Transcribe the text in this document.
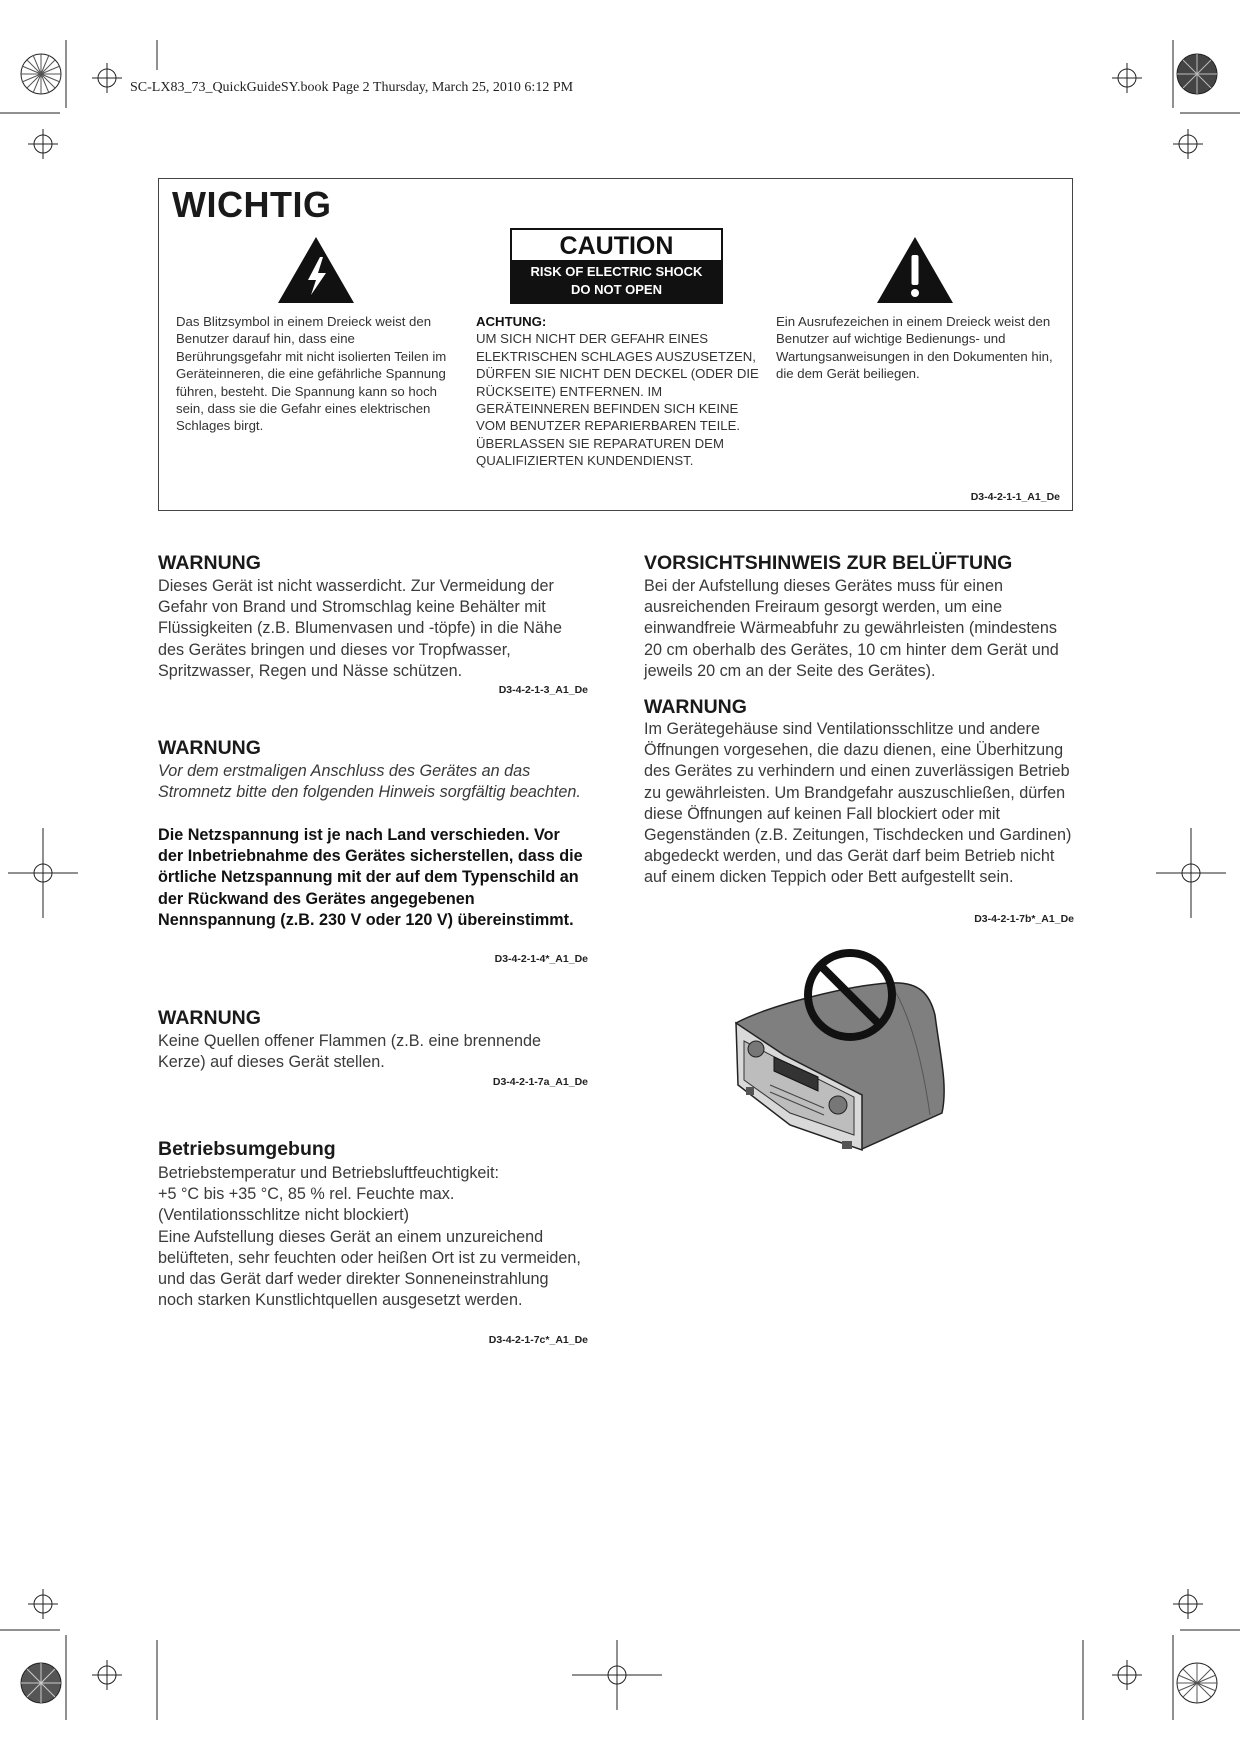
SC-LX83_73_QuickGuideSY.book Page 2 Thursday, March 25, 2010 6:12 PM
WICHTIG
CAUTION
RISK OF ELECTRIC SHOCK
DO NOT OPEN
Das Blitzsymbol in einem Dreieck weist den Benutzer darauf hin, dass eine Berührungsgefahr mit nicht isolierten Teilen im Geräteinneren, die eine gefährliche Spannung führen, besteht. Die Spannung kann so hoch sein, dass sie die Gefahr eines elektrischen Schlages birgt.
ACHTUNG:
UM SICH NICHT DER GEFAHR EINES ELEKTRISCHEN SCHLAGES AUSZUSETZEN, DÜRFEN SIE NICHT DEN DECKEL (ODER DIE RÜCKSEITE) ENTFERNEN. IM GERÄTEINNEREN BEFINDEN SICH KEINE VOM BENUTZER REPARIERBAREN TEILE. ÜBERLASSEN SIE REPARATUREN DEM QUALIFIZIERTEN KUNDENDIENST.
Ein Ausrufezeichen in einem Dreieck weist den Benutzer auf wichtige Bedienungs- und Wartungsanweisungen in den Dokumenten hin, die dem Gerät beiliegen.
D3-4-2-1-1_A1_De
WARNUNG
Dieses Gerät ist nicht wasserdicht. Zur Vermeidung der Gefahr von Brand und Stromschlag keine Behälter mit Flüssigkeiten (z.B. Blumenvasen und -töpfe) in die Nähe des Gerätes bringen und dieses vor Tropfwasser, Spritzwasser, Regen und Nässe schützen.
D3-4-2-1-3_A1_De
WARNUNG
Vor dem erstmaligen Anschluss des Gerätes an das Stromnetz bitte den folgenden Hinweis sorgfältig beachten.
Die Netzspannung ist je nach Land verschieden. Vor der Inbetriebnahme des Gerätes sicherstellen, dass die örtliche Netzspannung mit der auf dem Typenschild an der Rückwand des Gerätes angegebenen Nennspannung (z.B. 230 V oder 120 V) übereinstimmt.
D3-4-2-1-4*_A1_De
WARNUNG
Keine Quellen offener Flammen (z.B. eine brennende Kerze) auf dieses Gerät stellen.
D3-4-2-1-7a_A1_De
Betriebsumgebung
Betriebstemperatur und Betriebsluftfeuchtigkeit:
+5 °C bis +35 °C, 85 % rel. Feuchte max.
(Ventilationsschlitze nicht blockiert)
Eine Aufstellung dieses Gerät an einem unzureichend belüfteten, sehr feuchten oder heißen Ort ist zu vermeiden, und das Gerät darf weder direkter Sonneneinstrahlung noch starken Kunstlichtquellen ausgesetzt werden.
D3-4-2-1-7c*_A1_De
VORSICHTSHINWEIS ZUR BELÜFTUNG
Bei der Aufstellung dieses Gerätes muss für einen ausreichenden Freiraum gesorgt werden, um eine einwandfreie Wärmeabfuhr zu gewährleisten (mindestens 20 cm oberhalb des Gerätes, 10 cm hinter dem Gerät und jeweils 20 cm an der Seite des Gerätes).
WARNUNG
Im Gerätegehäuse sind Ventilationsschlitze und andere Öffnungen vorgesehen, die dazu dienen, eine Überhitzung des Gerätes zu verhindern und einen zuverlässigen Betrieb zu gewährleisten. Um Brandgefahr auszuschließen, dürfen diese Öffnungen auf keinen Fall blockiert oder mit Gegenständen (z.B. Zeitungen, Tischdecken und Gardinen) abgedeckt werden, und das Gerät darf beim Betrieb nicht auf einem dicken Teppich oder Bett aufgestellt sein.
D3-4-2-1-7b*_A1_De
